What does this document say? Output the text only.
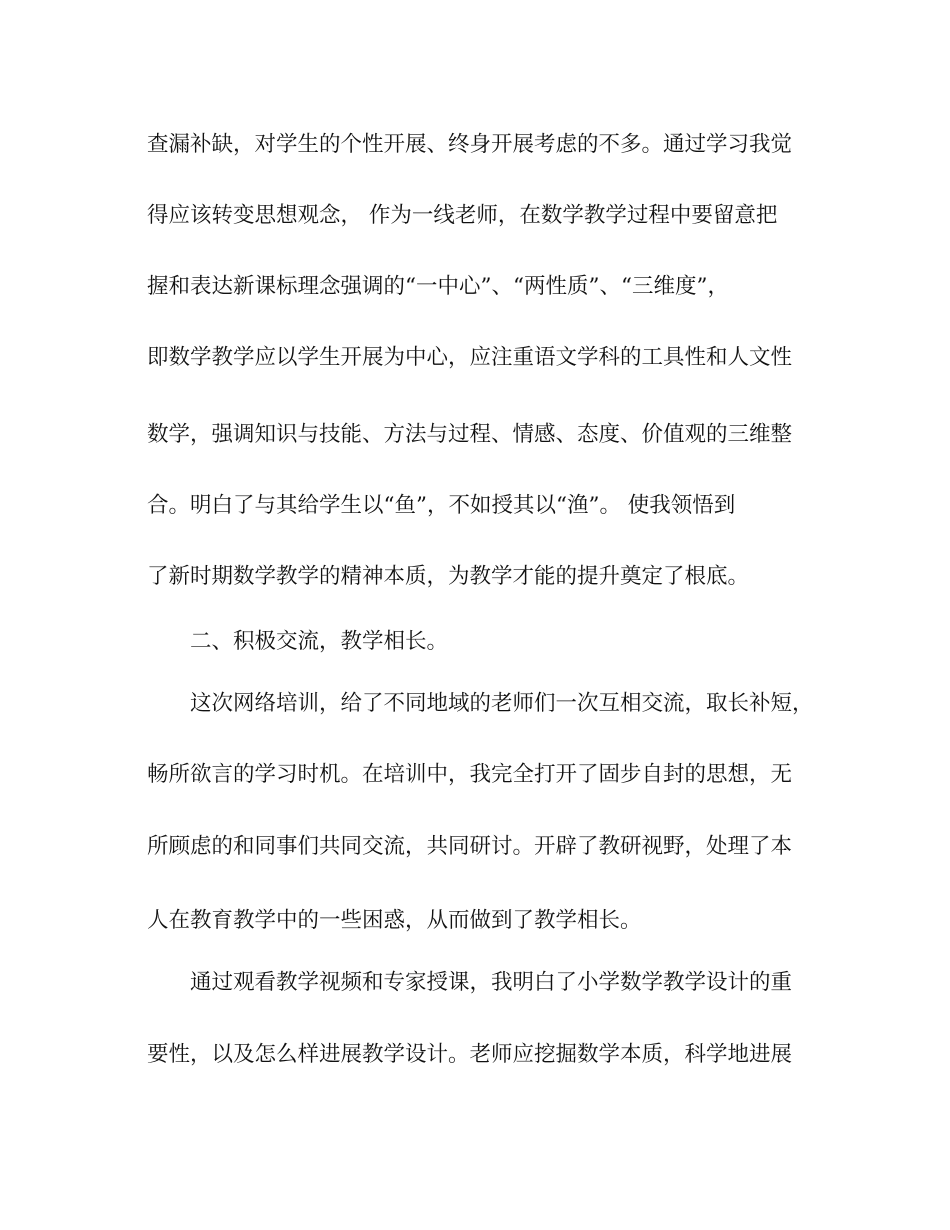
查漏补缺，对学生的个性开展、终身开展考虑的不多。通过学习我觉
得应该转变思想观念， 作为一线老师，在数学教学过程中要留意把
握和表达新课标理念强调的“一中心”、“两性质”、“三维度”，
即数学教学应以学生开展为中心，应注重语文学科的工具性和人文性
数学，强调知识与技能、方法与过程、情感、态度、价值观的三维整
合。明白了与其给学生以“鱼”，不如授其以“渔”。 使我领悟到
了新时期数学教学的精神本质，为教学才能的提升奠定了根底。
二、积极交流，教学相长。
这次网络培训，给了不同地域的老师们一次互相交流，取长补短，
畅所欲言的学习时机。在培训中，我完全打开了固步自封的思想，无
所顾虑的和同事们共同交流，共同研讨。开辟了教研视野，处理了本
人在教育教学中的一些困惑，从而做到了教学相长。
通过观看教学视频和专家授课，我明白了小学数学教学设计的重
要性，以及怎么样进展教学设计。老师应挖掘数学本质，科学地进展
